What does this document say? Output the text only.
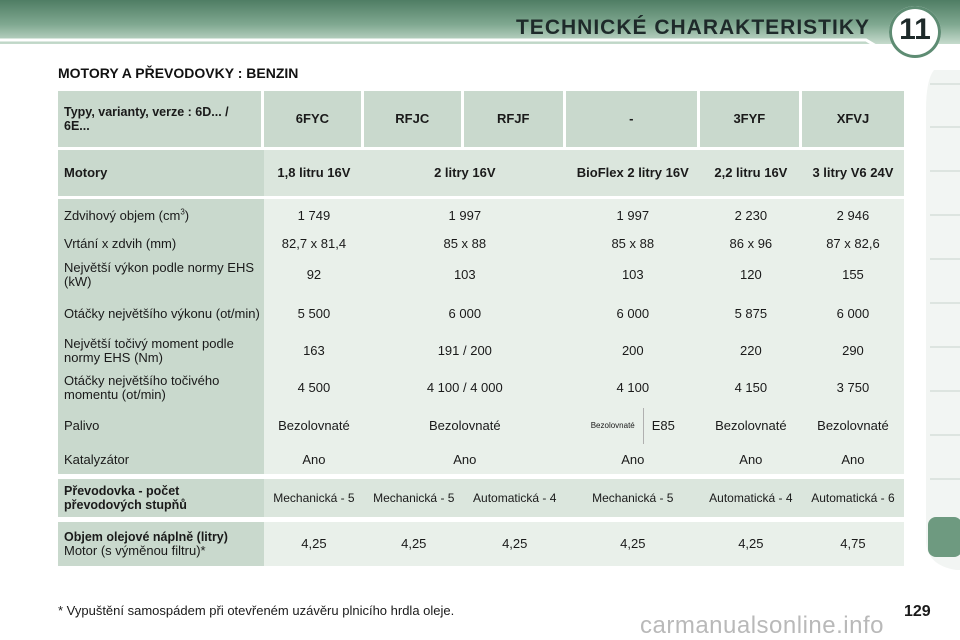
TECHNICKÉ CHARAKTERISTIKY 11
MOTORY A PŘEVODOVKY : BENZIN
Typy, varianty, verze : 6D... / 6E...	6FYC	RFJC	RFJF	-	3FYF	XFVJ
Motory	1,8 litru 16V	2 litry 16V		BioFlex 2 litry 16V	2,2 litru 16V	3 litry V6 24V
Zdvihový objem $(cm^3)$	1 749	1 997		1 997	2 230	2 946
Vrtání x zdvih (mm)	82,7 x 81,4	85 x 88		85 x 88	86 x 96	87 x 82,6
Největší výkon podle normy EHS (kW)	92	103		103	120	155
Otáčky největšího výkonu (ot/min)	5 500	6 000		6 000	5 875	6 000
Největší točivý moment podle normy EHS (Nm)	163	191 / 200		200	220	290
Otáčky největšího točivého momentu (ot/min)	4 500	4 100 / 4 000		4 100	4 150	3 750
Palivo	Bezolovnaté	Bezolovnaté		Bezolovnaté E85	Bezolovnaté	Bezolovnaté
Katalyzátor	Ano	Ano		Ano	Ano	Ano
Převodovka - počet převodových stupňů	Mechanická - 5	Mechanická - 5	Automatická - 4	Mechanická - 5	Automatická - 4	Automatická - 6

Objem olejové náplně (litry)
Motor (s výměnou filtru)*	4,25	4,25	4,25	4,25	4,25	4,75
* Vypuštění samospádem při otevřeném uzávěru plnicího hrdla oleje.
carmanualsonline.info
129
